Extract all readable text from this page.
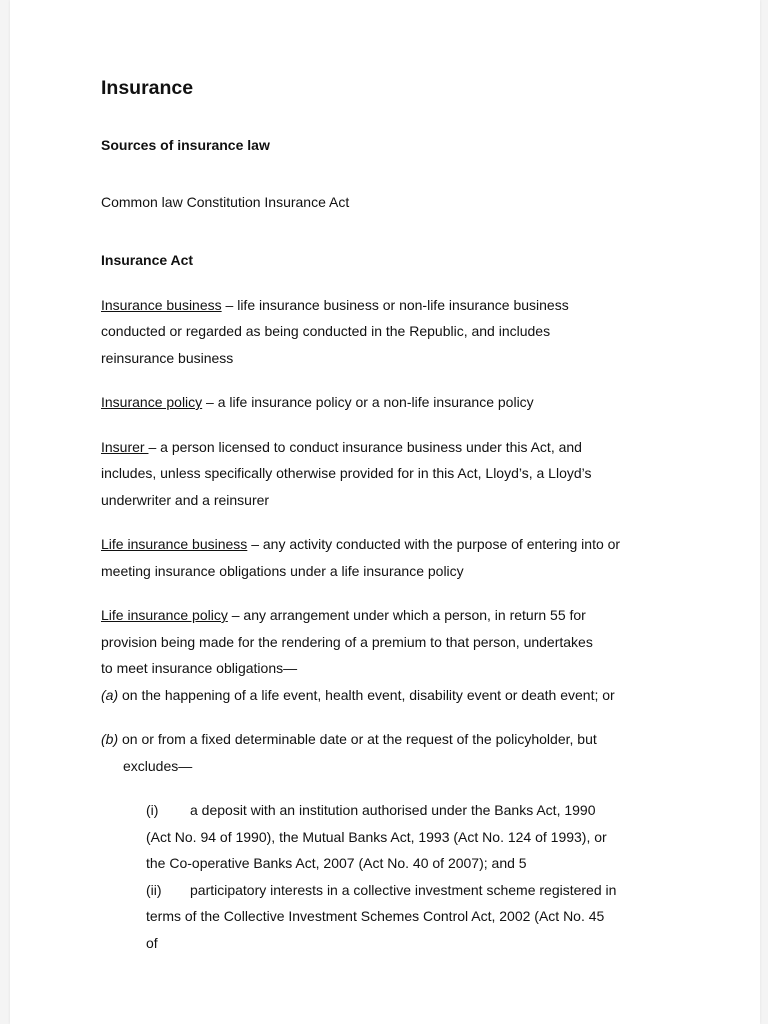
Insurance
Sources of insurance law

Common law Constitution Insurance Act

Insurance Act

Insurance business – life insurance business or non-life insurance business

conducted or regarded as being conducted in the Republic, and includes

reinsurance business

Insurance policy – a life insurance policy or a non-life insurance policy

Insurer – a person licensed to conduct insurance business under this Act, and

includes, unless specifically otherwise provided for in this Act, Lloyd’s, a Lloyd’s

underwriter and a reinsurer

Life insurance business – any activity conducted with the purpose of entering into or

meeting insurance obligations under a life insurance policy

Life insurance policy – any arrangement under which a person, in return 55 for

provision being made for the rendering of a premium to that person, undertakes

to meet insurance obligations—

(a) on the happening of a life event, health event, disability event or death event; or

(b) on or from a fixed determinable date or at the request of the policyholder, but

excludes—

(i) a deposit with an institution authorised under the Banks Act, 1990

(Act No. 94 of 1990), the Mutual Banks Act, 1993 (Act No. 124 of 1993), or

the Co-operative Banks Act, 2007 (Act No. 40 of 2007); and 5

(ii) participatory interests in a collective investment scheme registered in

terms of the Collective Investment Schemes Control Act, 2002 (Act No. 45

of
